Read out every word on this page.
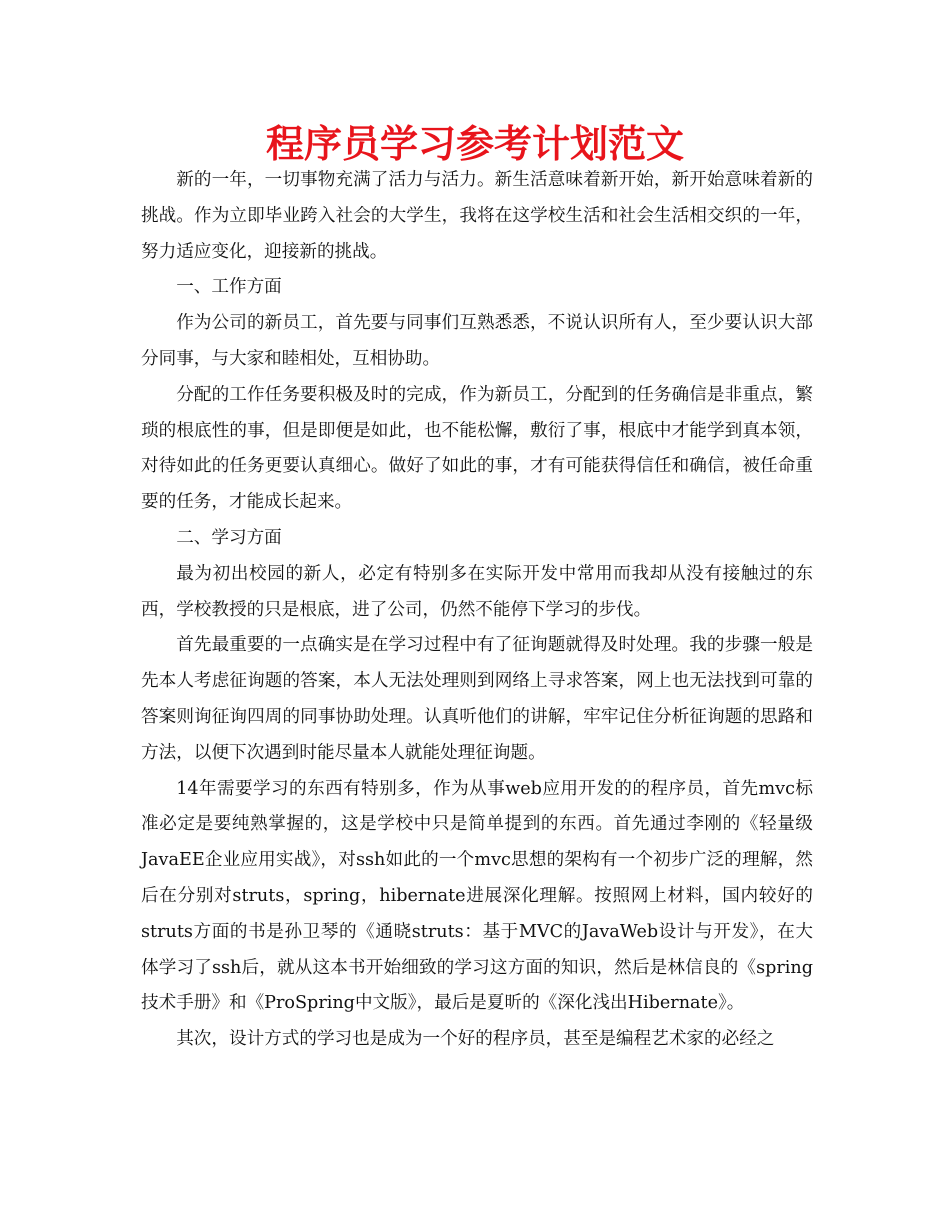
程序员学习参考计划范文

新的一年，一切事物充满了活力与活力。新生活意味着新开始，新开始意味着新的挑战。作为立即毕业跨入社会的大学生，我将在这学校生活和社会生活相交织的一年，努力适应变化，迎接新的挑战。

一、工作方面

作为公司的新员工，首先要与同事们互熟悉悉，不说认识所有人，至少要认识大部分同事，与大家和睦相处，互相协助。

分配的工作任务要积极及时的完成，作为新员工，分配到的任务确信是非重点，繁琐的根底性的事，但是即便是如此，也不能松懈，敷衍了事，根底中才能学到真本领，对待如此的任务更要认真细心。做好了如此的事，才有可能获得信任和确信，被任命重要的任务，才能成长起来。

二、学习方面

最为初出校园的新人，必定有特别多在实际开发中常用而我却从没有接触过的东西，学校教授的只是根底，进了公司，仍然不能停下学习的步伐。

首先最重要的一点确实是在学习过程中有了征询题就得及时处理。我的步骤一般是先本人考虑征询题的答案，本人无法处理则到网络上寻求答案，网上也无法找到可靠的答案则询征询四周的同事协助处理。认真听他们的讲解，牢牢记住分析征询题的思路和方法，以便下次遇到时能尽量本人就能处理征询题。

14年需要学习的东西有特别多，作为从事web应用开发的的程序员，首先mvc标准必定是要纯熟掌握的，这是学校中只是简单提到的东西。首先通过李刚的《轻量级JavaEE企业应用实战》，对ssh如此的一个mvc思想的架构有一个初步广泛的理解，然后在分别对struts，spring，hibernate进展深化理解。按照网上材料，国内较好的struts方面的书是孙卫琴的《通晓struts：基于MVC的JavaWeb设计与开发》，在大体学习了ssh后，就从这本书开始细致的学习这方面的知识，然后是林信良的《spring技术手册》和《ProSpring中文版》，最后是夏昕的《深化浅出Hibernate》。

其次，设计方式的学习也是成为一个好的程序员，甚至是编程艺术家的必经之
